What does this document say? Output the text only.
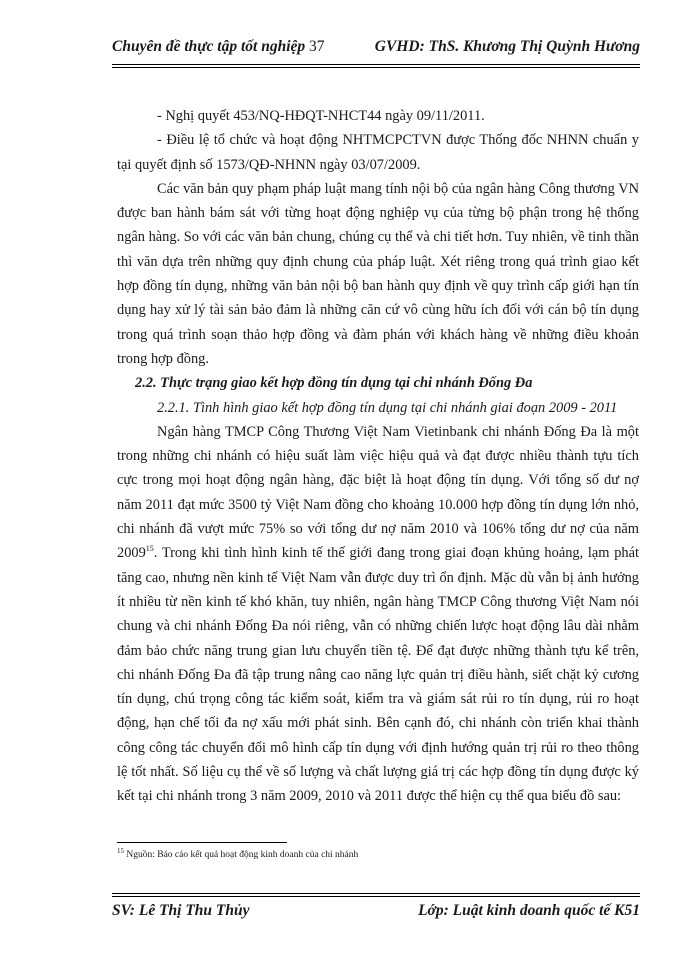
Chuyên đề thực tập tốt nghiệp 37	GVHD: ThS. Khương Thị Quỳnh Hương

- Nghị quyết 453/NQ-HĐQT-NHCT44 ngày 09/11/2011.

- Điều lệ tổ chức và hoạt động NHTMCPCTVN được Thống đốc NHNN chuẩn y tại quyết định số 1573/QĐ-NHNN ngày 03/07/2009.

Các văn bản quy phạm pháp luật mang tính nội bộ của ngân hàng Công thương VN được ban hành bám sát với từng hoạt động nghiệp vụ của từng bộ phận trong hệ thống ngân hàng. So với các văn bản chung, chúng cụ thể và chi tiết hơn. Tuy nhiên, về tinh thần thì văn dựa trên những quy định chung của pháp luật. Xét riêng trong quá trình giao kết hợp đồng tín dụng, những văn bản nội bộ ban hành quy định về quy trình cấp giới hạn tín dụng hay xử lý tài sản bảo đảm là những căn cứ vô cùng hữu ích đối với cán bộ tín dụng trong quá trình soạn thảo hợp đồng và đàm phán với khách hàng về những điều khoản trong hợp đồng.

2.2. Thực trạng giao kết hợp đồng tín dụng tại chi nhánh Đống Đa

2.2.1. Tình hình giao kết hợp đồng tín dụng tại chi nhánh giai đoạn 2009 - 2011

Ngân hàng TMCP Công Thương Việt Nam Vietinbank chi nhánh Đống Đa là một trong những chi nhánh có hiệu suất làm việc hiệu quả và đạt được nhiều thành tựu tích cực trong mọi hoạt động ngân hàng, đặc biệt là hoạt động tín dụng. Với tổng số dư nợ năm 2011 đạt mức 3500 tỷ Việt Nam đồng cho khoảng 10.000 hợp đồng tín dụng lớn nhỏ, chi nhánh đã vượt mức 75% so với tổng dư nợ năm 2010 và 106% tổng dư nợ của năm 2009$^{15}$. Trong khi tình hình kinh tế thế giới đang trong giai đoạn khủng hoảng, lạm phát tăng cao, nhưng nền kinh tế Việt Nam vẫn được duy trì ổn định. Mặc dù vẫn bị ảnh hưởng ít nhiều từ nền kinh tế khó khăn, tuy nhiên, ngân hàng TMCP Công thương Việt Nam nói chung và chi nhánh Đống Đa nói riêng, vẫn có những chiến lược hoạt động lâu dài nhằm đảm bảo chức năng trung gian lưu chuyển tiền tệ. Để đạt được những thành tựu kể trên, chi nhánh Đống Đa đã tập trung nâng cao năng lực quản trị điều hành, siết chặt kỷ cương tín dụng, chú trọng công tác kiểm soát, kiểm tra và giám sát rủi ro tín dụng, rủi ro hoạt động, hạn chế tối đa nợ xấu mới phát sinh. Bên cạnh đó, chi nhánh còn triển khai thành công công tác chuyển đổi mô hình cấp tín dụng với định hướng quản trị rủi ro theo thông lệ tốt nhất. Số liệu cụ thể về số lượng và chất lượng giá trị các hợp đồng tín dụng được ký kết tại chi nhánh trong 3 năm 2009, 2010 và 2011 được thể hiện cụ thể qua biểu đồ sau:

$^{15}$ Nguồn: Báo cáo kết quả hoạt động kinh doanh của chi nhánh
SV: Lê Thị Thu Thủy	Lớp: Luật kinh doanh quốc tế K51
